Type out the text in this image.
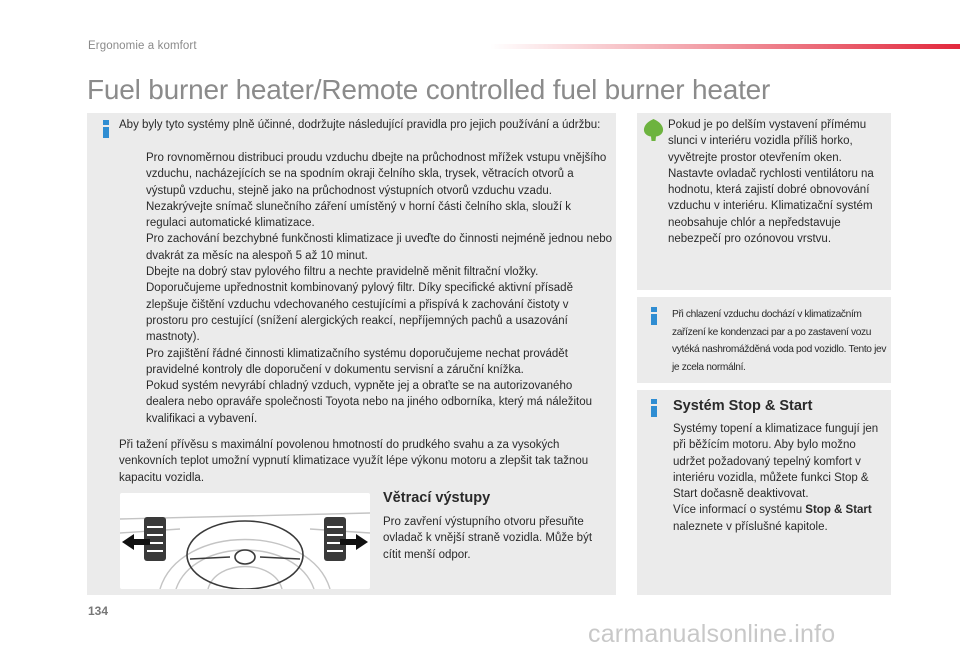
Ergonomie a komfort
Fuel burner heater/Remote controlled fuel burner heater
Aby byly tyto systémy plně účinné, dodržujte následující pravidla pro jejich používání a údržbu:
Pro rovnoměrnou distribuci proudu vzduchu dbejte na průchodnost mřížek vstupu vnějšího vzduchu, nacházejících se na spodním okraji čelního skla, trysek, větracích otvorů a výstupů vzduchu, stejně jako na průchodnost výstupních otvorů vzduchu vzadu.
Nezakrývejte snímač slunečního záření umístěný v horní části čelního skla, slouží k regulaci automatické klimatizace.
Pro zachování bezchybné funkčnosti klimatizace ji uveďte do činnosti nejméně jednou nebo dvakrát za měsíc na alespoň 5 až 10 minut.
Dbejte na dobrý stav pylového filtru a nechte pravidelně měnit filtrační vložky. Doporučujeme upřednostnit kombinovaný pylový filtr. Díky specifické aktivní přísadě zlepšuje čištění vzduchu vdechovaného cestujícími a přispívá k zachování čistoty v prostoru pro cestující (snížení alergických reakcí, nepříjemných pachů a usazování mastnoty).
Pro zajištění řádné činnosti klimatizačního systému doporučujeme nechat provádět pravidelné kontroly dle doporučení v dokumentu servisní a záruční knížka.
Pokud systém nevyrábí chladný vzduch, vypněte jej a obraťte se na autorizovaného dealera nebo opraváře společnosti Toyota nebo na jiného odborníka, který má náležitou kvalifikaci a vybavení.
Při tažení přívěsu s maximální povolenou hmotností do prudkého svahu a za vysokých venkovních teplot umožní vypnutí klimatizace využít lépe výkonu motoru a zlepšit tak tažnou kapacitu vozidla.
Větrací výstupy
Pro zavření výstupního otvoru přesuňte ovladač k vnější straně vozidla. Může být cítit menší odpor.
Pokud je po delším vystavení přímému slunci v interiéru vozidla příliš horko, vyvětrejte prostor otevřením oken. Nastavte ovladač rychlosti ventilátoru na hodnotu, která zajistí dobré obnovování vzduchu v interiéru. Klimatizační systém neobsahuje chlór a nepředstavuje nebezpečí pro ozónovou vrstvu.
Při chlazení vzduchu dochází v klimatizačním zařízení ke kondenzaci par a po zastavení vozu vytéká nashromážděná voda pod vozidlo. Tento jev je zcela normální.
Systém Stop & Start
Systémy topení a klimatizace fungují jen při běžícím motoru. Aby bylo možno udržet požadovaný tepelný komfort v interiéru vozidla, můžete funkci Stop & Start dočasně deaktivovat.
Více informací o systému Stop & Start naleznete v příslušné kapitole.
134
carmanualsonline.info
